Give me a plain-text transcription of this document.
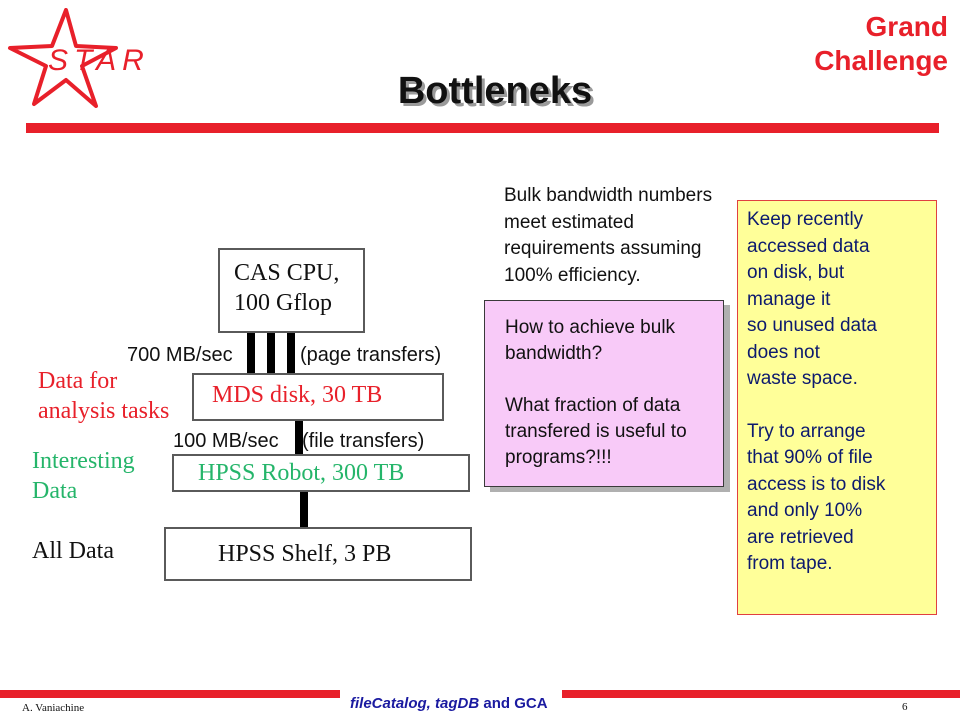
STAR
Grand
Challenge
Bottleneks
CAS CPU,
100 Gflop
MDS disk, 30 TB
HPSS Robot, 300 TB
HPSS Shelf, 3 PB
700 MB/sec	(page transfers)
100 MB/sec (file transfers)
Data for
analysis tasks
Interesting
Data
All Data
Bulk bandwidth numbers
meet estimated
requirements assuming
100% efficiency.
How to achieve bulk
bandwidth?
What fraction of data
transfered is useful to
programs?!!!
Keep recently
accessed data
on disk, but
manage it
so unused data
does not
waste space.
Try to arrange
that 90% of file
access is to disk
and only 10%
are retrieved
from tape.
A. Vaniachine	fileCatalog, tagDB and GCA	6
